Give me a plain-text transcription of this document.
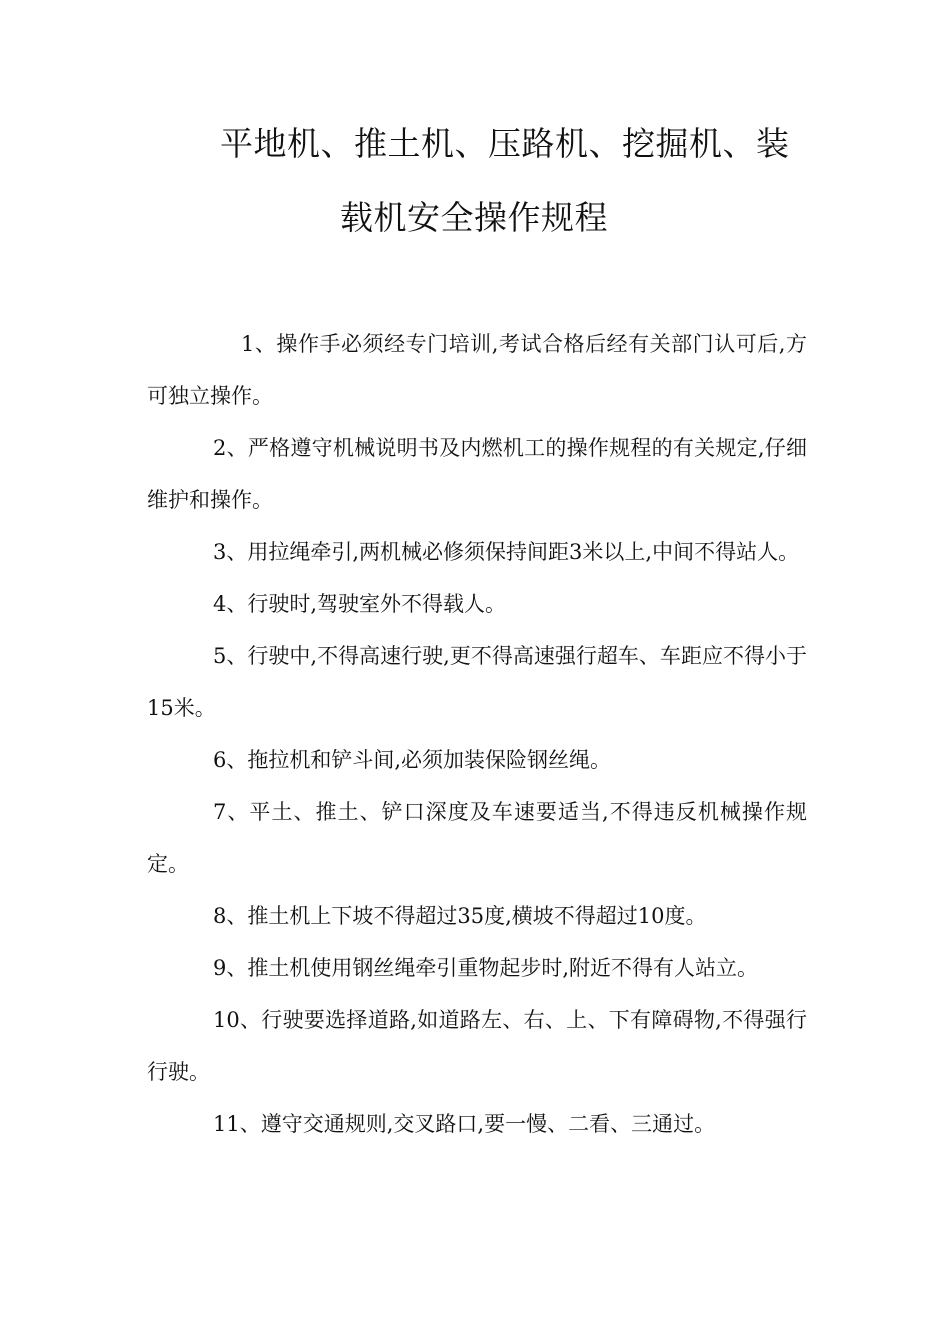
平地机、推土机、压路机、挖掘机、装
载机安全操作规程

1、操作手必须经专门培训,考试合格后经有关部门认可后,方可独立操作。

2、严格遵守机械说明书及内燃机工的操作规程的有关规定,仔细维护和操作。

3、用拉绳牵引,两机械必修须保持间距3米以上,中间不得站人。

4、行驶时,驾驶室外不得载人。

5、行驶中,不得高速行驶,更不得高速强行超车、车距应不得小于15米。

6、拖拉机和铲斗间,必须加装保险钢丝绳。

7、平土、推土、铲口深度及车速要适当,不得违反机械操作规定。

8、推土机上下坡不得超过35度,横坡不得超过10度。

9、推土机使用钢丝绳牵引重物起步时,附近不得有人站立。

10、行驶要选择道路,如道路左、右、上、下有障碍物,不得强行行驶。

11、遵守交通规则,交叉路口,要一慢、二看、三通过。
